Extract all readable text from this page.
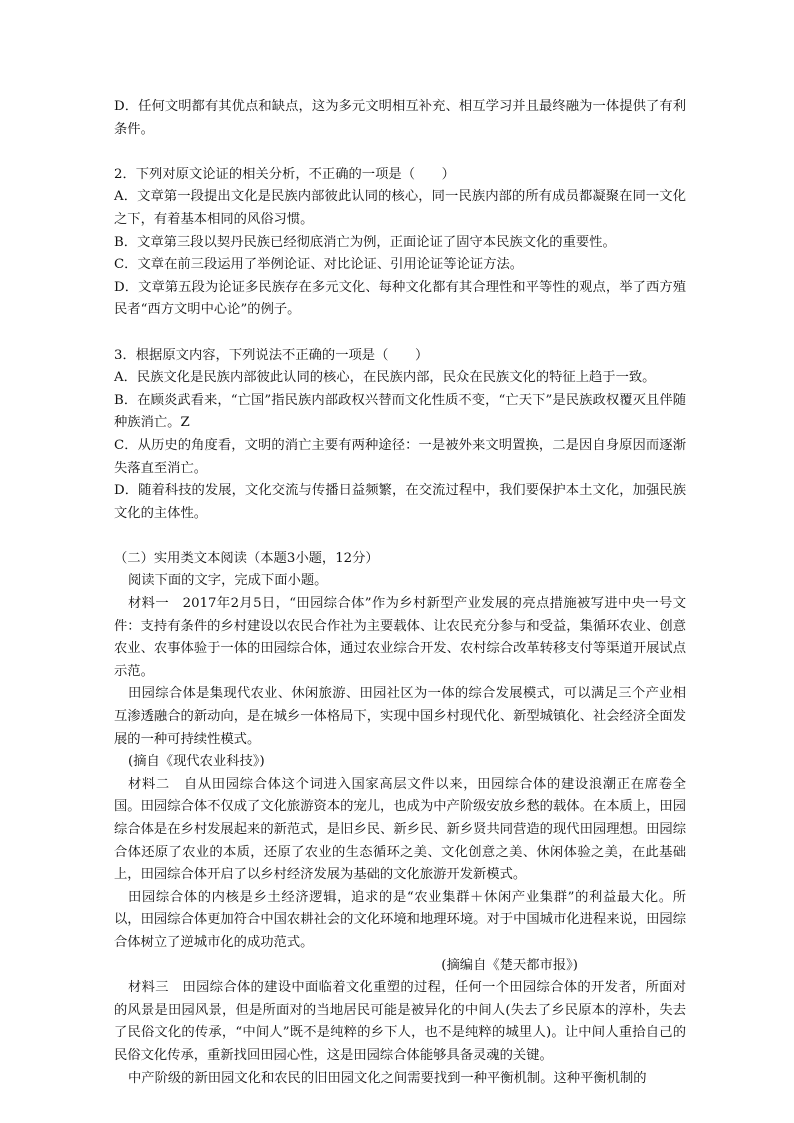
D．任何文明都有其优点和缺点，这为多元文明相互补充、相互学习并且最终融为一体提供了有利条件。

2．下列对原文论证的相关分析，不正确的一项是（　　）

A．文章第一段提出文化是民族内部彼此认同的核心，同一民族内部的所有成员都凝聚在同一文化之下，有着基本相同的风俗习惯。

B．文章第三段以契丹民族已经彻底消亡为例，正面论证了固守本民族文化的重要性。

C．文章在前三段运用了举例论证、对比论证、引用论证等论证方法。

D．文章第五段为论证多民族存在多元文化、每种文化都有其合理性和平等性的观点，举了西方殖民者“西方文明中心论”的例子。

3．根据原文内容，下列说法不正确的一项是（　　）

A．民族文化是民族内部彼此认同的核心，在民族内部，民众在民族文化的特征上趋于一致。

B．在顾炎武看来，“亡国”指民族内部政权兴替而文化性质不变，“亡天下”是民族政权覆灭且伴随种族消亡。Z

C．从历史的角度看，文明的消亡主要有两种途径：一是被外来文明置换，二是因自身原因而逐渐失落直至消亡。

D．随着科技的发展，文化交流与传播日益频繁，在交流过程中，我们要保护本土文化，加强民族文化的主体性。

（二）实用类文本阅读（本题3小题，12分）

阅读下面的文字，完成下面小题。

材料一　2017年2月5日，“田园综合体”作为乡村新型产业发展的亮点措施被写进中央一号文件：支持有条件的乡村建设以农民合作社为主要载体、让农民充分参与和受益，集循环农业、创意农业、农事体验于一体的田园综合体，通过农业综合开发、农村综合改革转移支付等渠道开展试点示范。

田园综合体是集现代农业、休闲旅游、田园社区为一体的综合发展模式，可以满足三个产业相互渗透融合的新动向，是在城乡一体格局下，实现中国乡村现代化、新型城镇化、社会经济全面发展的一种可持续性模式。

(摘自《现代农业科技》)

材料二　自从田园综合体这个词进入国家高层文件以来，田园综合体的建设浪潮正在席卷全国。田园综合体不仅成了文化旅游资本的宠儿，也成为中产阶级安放乡愁的载体。在本质上，田园综合体是在乡村发展起来的新范式，是旧乡民、新乡民、新乡贤共同营造的现代田园理想。田园综合体还原了农业的本质，还原了农业的生态循环之美、文化创意之美、休闲体验之美，在此基础上，田园综合体开启了以乡村经济发展为基础的文化旅游开发新模式。

田园综合体的内核是乡土经济逻辑，追求的是“农业集群＋休闲产业集群”的利益最大化。所以，田园综合体更加符合中国农耕社会的文化环境和地理环境。对于中国城市化进程来说，田园综合体树立了逆城市化的成功范式。

(摘编自《楚天都市报》)

材料三　田园综合体的建设中面临着文化重塑的过程，任何一个田园综合体的开发者，所面对的风景是田园风景，但是所面对的当地居民可能是被异化的中间人(失去了乡民原本的淳朴，失去了民俗文化的传承，“中间人”既不是纯粹的乡下人，也不是纯粹的城里人)。让中间人重拾自己的民俗文化传承，重新找回田园心性，这是田园综合体能够具备灵魂的关键。

中产阶级的新田园文化和农民的旧田园文化之间需要找到一种平衡机制。这种平衡机制的
